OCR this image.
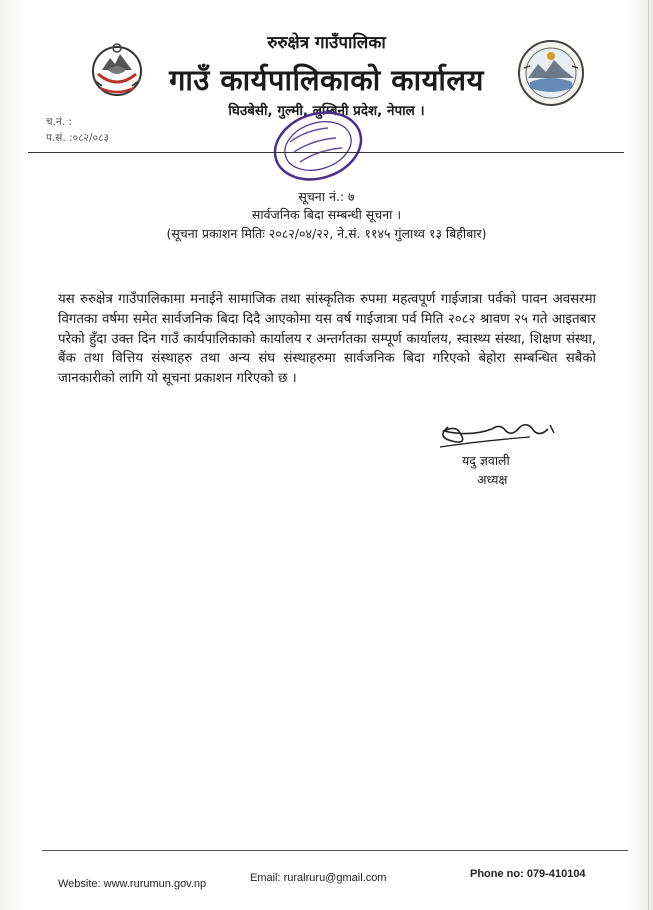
रुरुक्षेत्र गाउँपालिका
गाउँ कार्यपालिकाको कार्यालय
घिउबेसी, गुल्मी, लुम्बिनी प्रदेश, नेपाल ।
च.नं. :
प.सं. :०८२/०८३
सूचना नं.: ७
सार्वजनिक बिदा सम्बन्धी सूचना ।
(सूचना प्रकाशन मितिः २०८२/०४/२२, ने.सं. ११४५ गुंलाथ्व १३ बिहीबार)
यस रुरुक्षेत्र गाउँपालिकामा मनाईने सामाजिक तथा सांस्कृतिक रुपमा महत्वपूर्ण गाईजात्रा पर्वको पावन अवसरमा विगतका वर्षमा समेत सार्वजनिक बिदा दिदै आएकोमा यस वर्ष गाईजात्रा पर्व मिति २०८२ श्रावण २५ गते आइतबार परेको हुँदा उक्त दिन गाउँ कार्यपालिकाको कार्यालय र अन्तर्गतका सम्पूर्ण कार्यालय, स्वास्थ्य संस्था, शिक्षण संस्था, बैंक तथा वित्तिय संस्थाहरु तथा अन्य संघ संस्थाहरुमा सार्वजनिक बिदा गरिएको बेहोरा सम्बन्धित सबैको जानकारीको लागि यो सूचना प्रकाशन गरिएको छ ।
यदु ज्ञवाली
अध्यक्ष
Website: www.rurumun.gov.np	Email: ruralruru@gmail.com	Phone no: 079-410104
